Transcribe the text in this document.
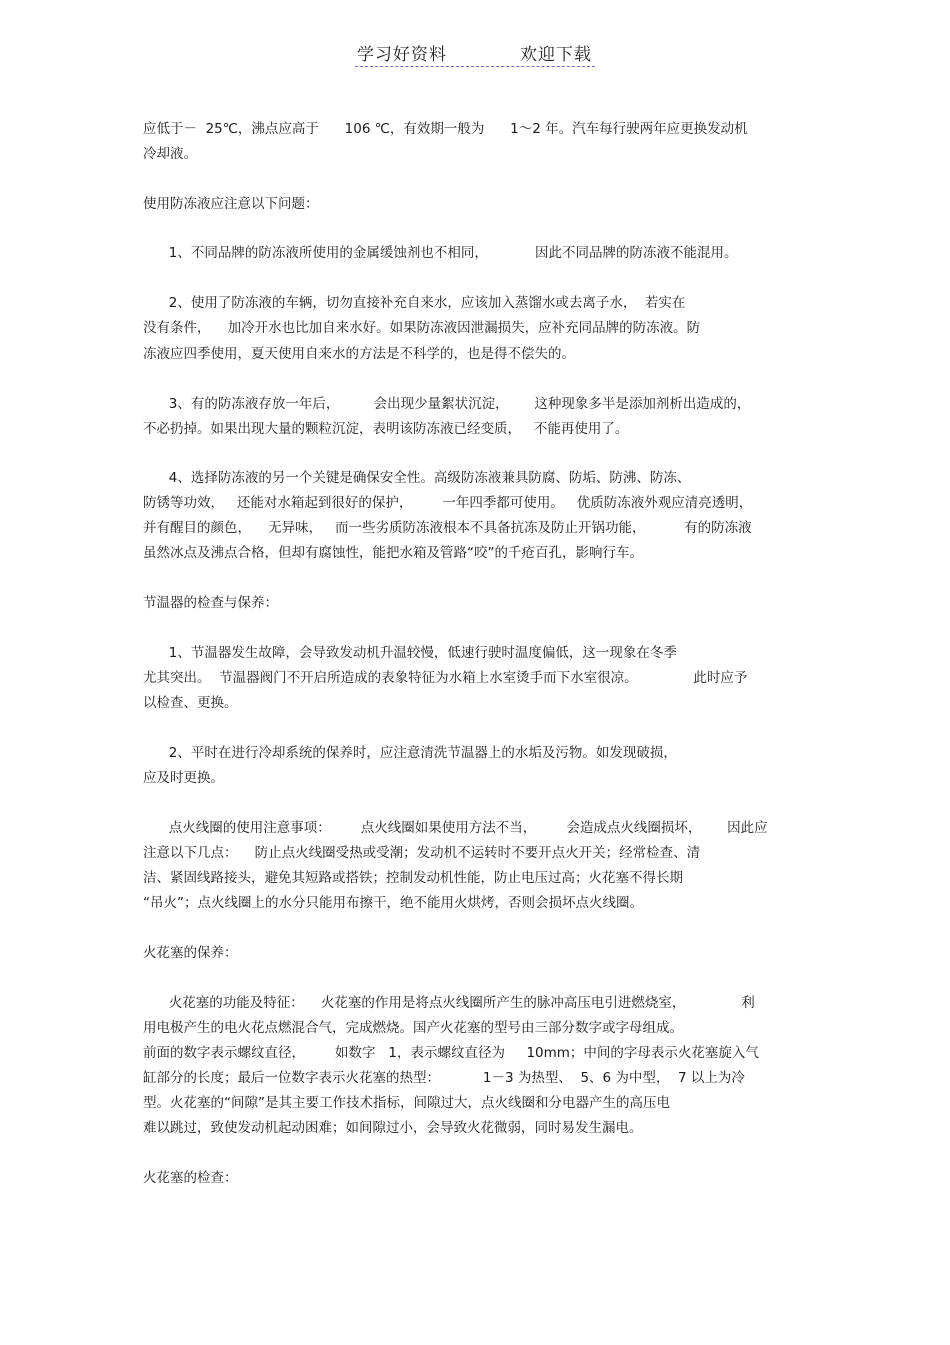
学习好资料	欢迎下载
应低于－  25℃，沸点应高于      106 ℃，有效期一般为      1～2 年。汽车每行驶两年应更换发动机
冷却液。
使用防冻液应注意以下问题：
1、不同品牌的防冻液所使用的金属缓蚀剂也不相同，           因此不同品牌的防冻液不能混用。
2、使用了防冻液的车辆，切勿直接补充自来水，应该加入蒸馏水或去离子水，  若实在
没有条件，    加冷开水也比加自来水好。如果防冻液因泄漏损失，应补充同品牌的防冻液。防
冻液应四季使用，夏天使用自来水的方法是不科学的，也是得不偿失的。
3、有的防冻液存放一年后，        会出现少量絮状沉淀，      这种现象多半是添加剂析出造成的，
不必扔掉。如果出现大量的颗粒沉淀，表明该防冻液已经变质，   不能再使用了。
4、选择防冻液的另一个关键是确保安全性。高级防冻液兼具防腐、防垢、防沸、防冻、
防锈等功效，   还能对水箱起到很好的保护，       一年四季都可使用。   优质防冻液外观应清亮透明，
并有醒目的颜色，    无异味，   而一些劣质防冻液根本不具备抗冻及防止开锅功能，         有的防冻液
虽然冰点及沸点合格，但却有腐蚀性，能把水箱及管路“咬”的千疮百孔，影响行车。
节温器的检查与保养：
1、节温器发生故障，会导致发动机升温较慢，低速行驶时温度偏低，这一现象在冬季
尤其突出。  节温器阀门不开启所造成的表象特征为水箱上水室烫手而下水室很凉。             此时应予
以检查、更换。
2、平时在进行冷却系统的保养时，应注意清洗节温器上的水垢及污物。如发现破损，
应及时更换。
点火线圈的使用注意事项：       点火线圈如果使用方法不当，       会造成点火线圈损坏，      因此应
注意以下几点：    防止点火线圈受热或受潮；发动机不运转时不要开点火开关；经常检查、清
洁、紧固线路接头，避免其短路或搭铁；控制发动机性能，防止电压过高；火花塞不得长期
“吊火”；点火线圈上的水分只能用布擦干，绝不能用火烘烤，否则会损坏点火线圈。
火花塞的保养：
火花塞的功能及特征：    火花塞的作用是将点火线圈所产生的脉冲高压电引进燃烧室，             利
用电极产生的电火花点燃混合气，完成燃烧。国产火花塞的型号由三部分数字或字母组成。
前面的数字表示螺纹直径，       如数字   1，表示螺纹直径为     10mm；中间的字母表示火花塞旋入气
缸部分的长度；最后一位数字表示火花塞的热型：          1－3 为热型、  5、6 为中型，  7 以上为冷
型。火花塞的“间隙”是其主要工作技术指标，间隙过大，点火线圈和分电器产生的高压电
难以跳过，致使发动机起动困难；如间隙过小，会导致火花微弱，同时易发生漏电。
火花塞的检查：
